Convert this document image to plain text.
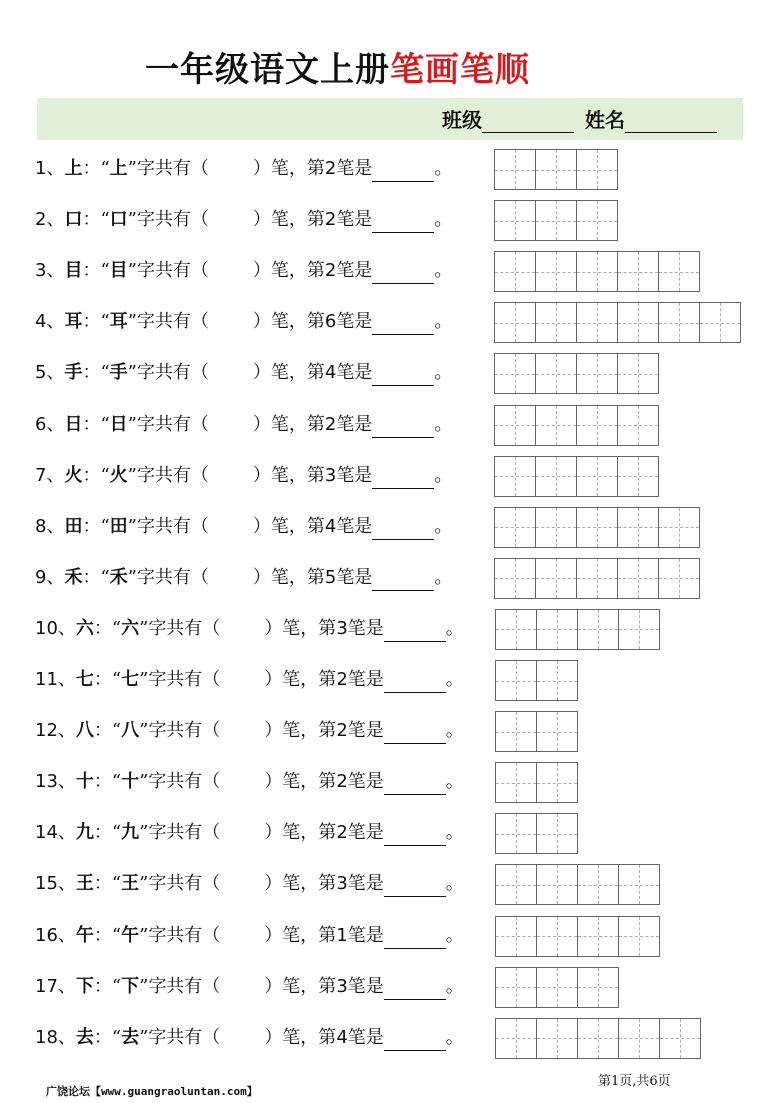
一年级语文上册笔画笔顺
班级	姓名
1、上：“上”字共有（ ）笔，第2笔是	。
2、口：“口”字共有（ ）笔，第2笔是	。
3、目：“目”字共有（ ）笔，第2笔是	。
4、耳：“耳”字共有（ ）笔，第6笔是	。
5、手：“手”字共有（ ）笔，第4笔是	。
6、日：“日”字共有（ ）笔，第2笔是	。
7、火：“火”字共有（ ）笔，第3笔是	。
8、田：“田”字共有（ ）笔，第4笔是	。
9、禾：“禾”字共有（ ）笔，第5笔是	。
10、六：“六”字共有（ ）笔，第3笔是	。
11、七：“七”字共有（ ）笔，第2笔是	。
12、八：“八”字共有（ ）笔，第2笔是	。
13、十：“十”字共有（ ）笔，第2笔是	。
14、九：“九”字共有（ ）笔，第2笔是	。
15、王：“王”字共有（ ）笔，第3笔是	。
16、午：“午”字共有（ ）笔，第1笔是	。
17、下：“下”字共有（ ）笔，第3笔是	。
18、去：“去”字共有（ ）笔，第4笔是	。
广饶论坛【www.guangraoluntan.com】
第1页,共6页
